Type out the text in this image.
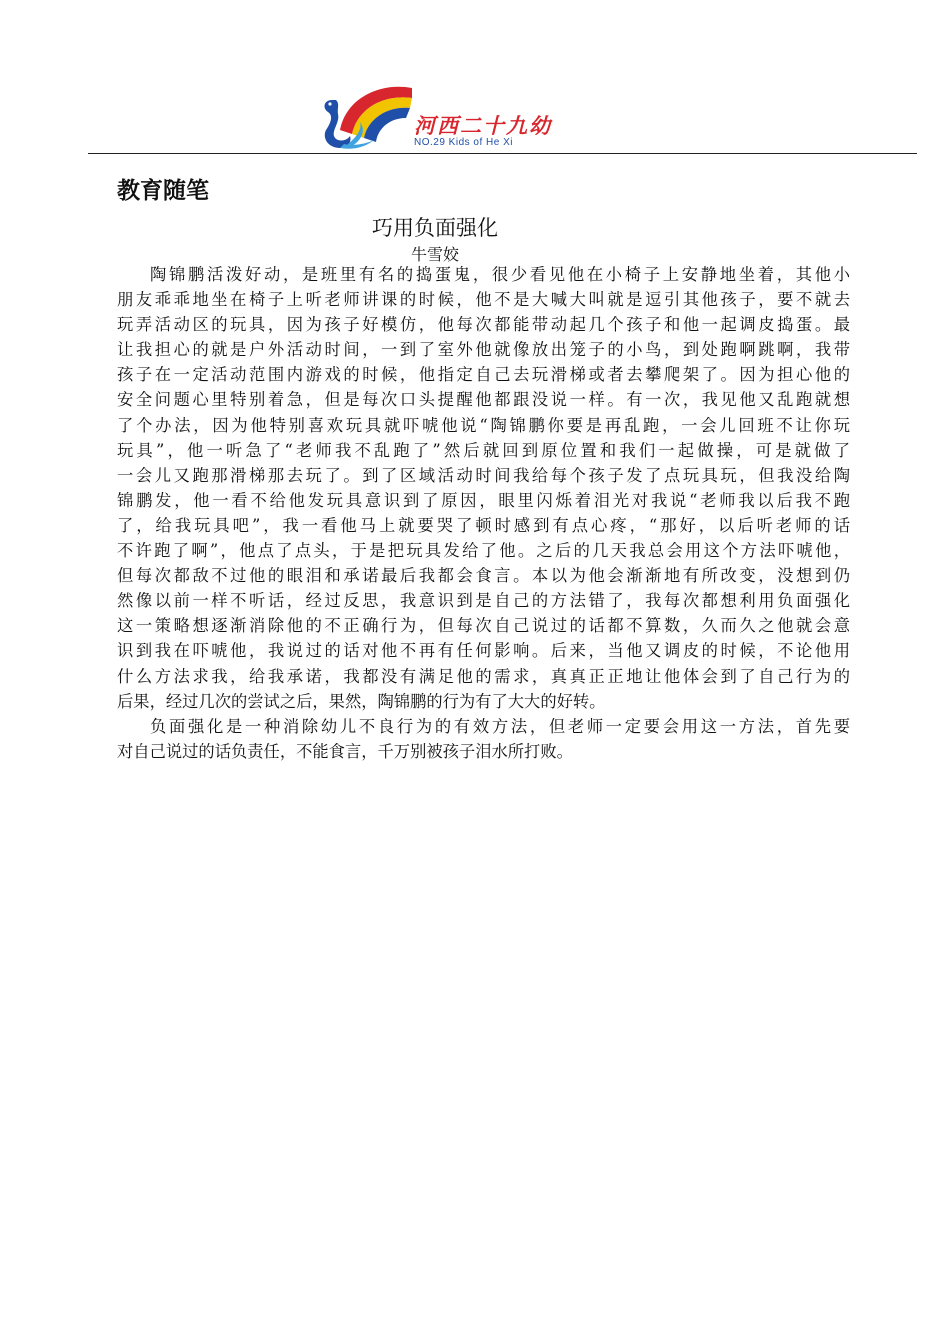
河西二十九幼
NO.29 Kids of He Xi
教育随笔
巧用负面强化
牛雪姣
陶锦鹏活泼好动，是班里有名的捣蛋鬼，很少看见他在小椅子上安静地坐着，其他小
朋友乖乖地坐在椅子上听老师讲课的时候，他不是大喊大叫就是逗引其他孩子，要不就去
玩弄活动区的玩具，因为孩子好模仿，他每次都能带动起几个孩子和他一起调皮捣蛋。最
让我担心的就是户外活动时间，一到了室外他就像放出笼子的小鸟，到处跑啊跳啊，我带
孩子在一定活动范围内游戏的时候，他指定自己去玩滑梯或者去攀爬架了。因为担心他的
安全问题心里特别着急，但是每次口头提醒他都跟没说一样。有一次，我见他又乱跑就想
了个办法，因为他特别喜欢玩具就吓唬他说“陶锦鹏你要是再乱跑，一会儿回班不让你玩
玩具”，他一听急了“老师我不乱跑了”然后就回到原位置和我们一起做操，可是就做了
一会儿又跑那滑梯那去玩了。到了区域活动时间我给每个孩子发了点玩具玩，但我没给陶
锦鹏发，他一看不给他发玩具意识到了原因，眼里闪烁着泪光对我说“老师我以后我不跑
了，给我玩具吧”，我一看他马上就要哭了顿时感到有点心疼，“那好，以后听老师的话
不许跑了啊”，他点了点头，于是把玩具发给了他。之后的几天我总会用这个方法吓唬他，
但每次都敌不过他的眼泪和承诺最后我都会食言。本以为他会渐渐地有所改变，没想到仍
然像以前一样不听话，经过反思，我意识到是自己的方法错了，我每次都想利用负面强化
这一策略想逐渐消除他的不正确行为，但每次自己说过的话都不算数，久而久之他就会意
识到我在吓唬他，我说过的话对他不再有任何影响。后来，当他又调皮的时候，不论他用
什么方法求我，给我承诺，我都没有满足他的需求，真真正正地让他体会到了自己行为的
后果，经过几次的尝试之后，果然，陶锦鹏的行为有了大大的好转。
负面强化是一种消除幼儿不良行为的有效方法，但老师一定要会用这一方法，首先要
对自己说过的话负责任，不能食言，千万别被孩子泪水所打败。
